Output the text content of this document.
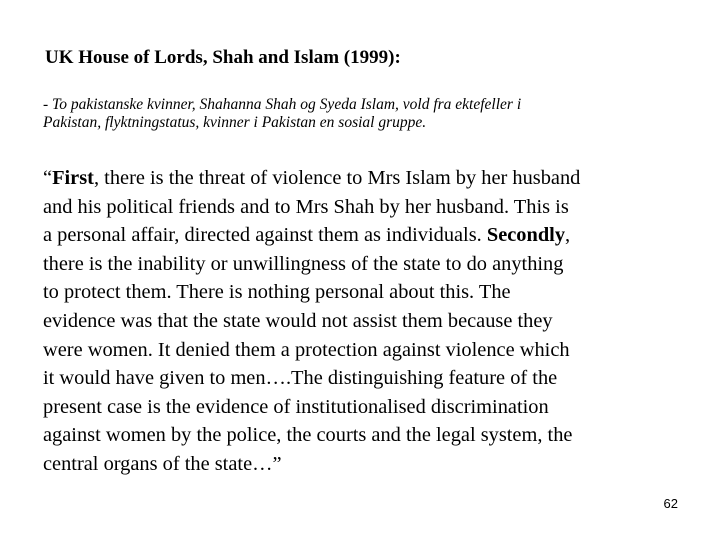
UK House of Lords, Shah and Islam (1999):
- To pakistanske kvinner, Shahanna Shah og Syeda Islam, vold fra ektefeller i
Pakistan, flyktningstatus, kvinner i Pakistan en sosial gruppe.
“First, there is the threat of violence to Mrs Islam by her husband
and his political friends and to Mrs Shah by her husband. This is
a personal affair, directed against them as individuals. Secondly,
there is the inability or unwillingness of the state to do anything
to protect them. There is nothing personal about this. The
evidence was that the state would not assist them because they
were women. It denied them a protection against violence which
it would have given to men….The distinguishing feature of the
present case is the evidence of institutionalised discrimination
against women by the police, the courts and the legal system, the
central organs of the state…”
62
